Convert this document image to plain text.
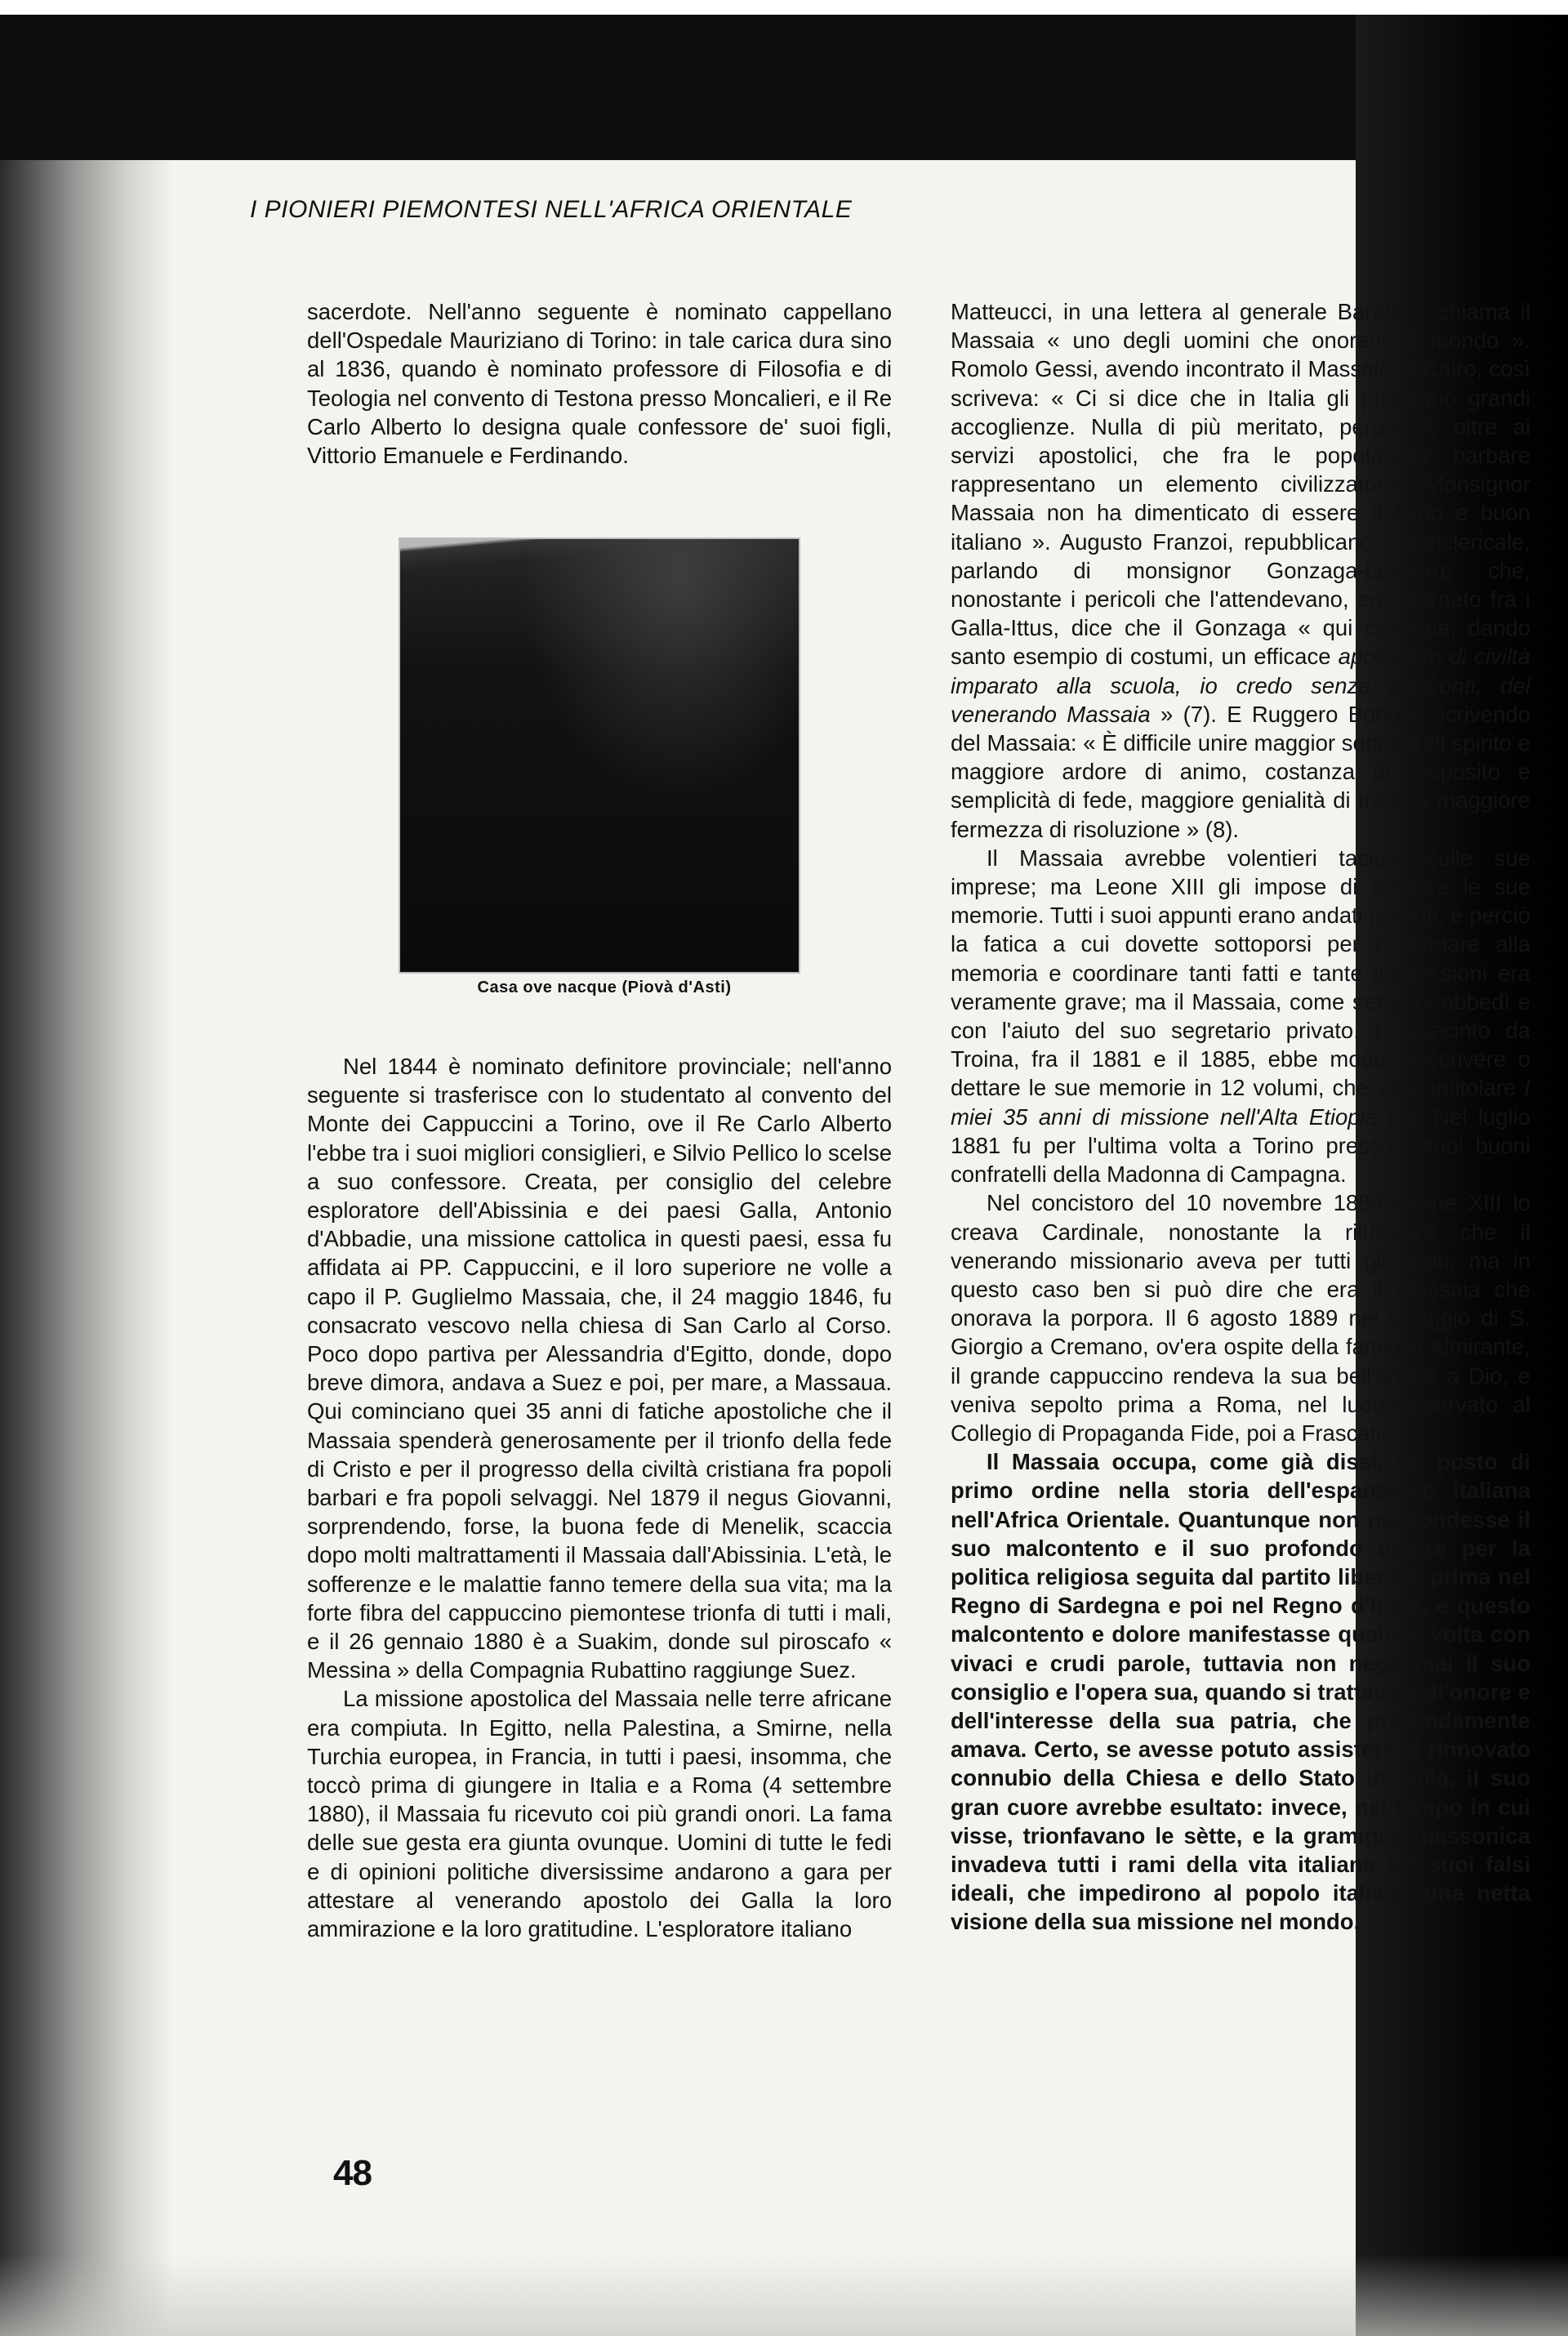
I PIONIERI PIEMONTESI NELL'AFRICA ORIENTALE

sacerdote. Nell'anno seguente è nominato cappellano dell'Ospedale Mauriziano di Torino: in tale carica dura sino al 1836, quando è nominato professore di Filosofia e di Teologia nel convento di Testona presso Moncalieri, e il Re Carlo Alberto lo designa quale confessore de' suoi figli, Vittorio Emanuele e Ferdinando.

Casa ove nacque (Piovà d'Asti)

Nel 1844 è nominato definitore provinciale; nell'anno seguente si trasferisce con lo studentato al convento del Monte dei Cappuccini a Torino, ove il Re Carlo Alberto l'ebbe tra i suoi migliori consiglieri, e Silvio Pellico lo scelse a suo confessore. Creata, per consiglio del celebre esploratore dell'Abissinia e dei paesi Galla, Antonio d'Abbadie, una missione cattolica in questi paesi, essa fu affidata ai PP. Cappuccini, e il loro superiore ne volle a capo il P. Guglielmo Massaia, che, il 24 maggio 1846, fu consacrato vescovo nella chiesa di San Carlo al Corso. Poco dopo partiva per Alessandria d'Egitto, donde, dopo breve dimora, andava a Suez e poi, per mare, a Massaua. Qui cominciano quei 35 anni di fatiche apostoliche che il Massaia spenderà generosamente per il trionfo della fede di Cristo e per il progresso della civiltà cristiana fra popoli barbari e fra popoli selvaggi. Nel 1879 il negus Giovanni, sorprendendo, forse, la buona fede di Menelik, scaccia dopo molti maltrattamenti il Massaia dall'Abissinia. L'età, le sofferenze e le malattie fanno temere della sua vita; ma la forte fibra del cappuccino piemontese trionfa di tutti i mali, e il 26 gennaio 1880 è a Suakim, donde sul piroscafo « Messina » della Compagnia Rubattino raggiunge Suez.

La missione apostolica del Massaia nelle terre africane era compiuta. In Egitto, nella Palestina, a Smirne, nella Turchia europea, in Francia, in tutti i paesi, insomma, che toccò prima di giungere in Italia e a Roma (4 settembre 1880), il Massaia fu ricevuto coi più grandi onori. La fama delle sue gesta era giunta ovunque. Uomini di tutte le fedi e di opinioni politiche diversissime andarono a gara per attestare al venerando apostolo dei Galla la loro ammirazione e la loro gratitudine. L'esploratore italiano

Matteucci, in una lettera al generale Baratieri, chiama il Massaia « uno degli uomini che onorano il mondo ». Romolo Gessi, avendo incontrato il Massaia al Cairo, così scriveva: « Ci si dice che in Italia gli preparino grandi accoglienze. Nulla di più meritato, perocchè, oltre ai servizi apostolici, che fra le popolazioni barbare rappresentano un elemento civilizzatore, Monsignor Massaia non ha dimenticato di essere italiano e buon italiano ». Augusto Franzoi, repubblicano e anticlericale, parlando di monsignor Gonzaga-Lasserre che, nonostante i pericoli che l'attendevano, era ritornato fra i Galla-Ittus, dice che il Gonzaga « qui continua, dando santo esempio di costumi, un efficace apostolato di civiltà imparato alla scuola, io credo senza confronti, del venerando Massaia » (7). E Ruggero Bonghi, scrivendo del Massaia: « È difficile unire maggior sobrietà di spirito e maggiore ardore di animo, costanza di proposito e semplicità di fede, maggiore genialità di tratto e maggiore fermezza di risoluzione » (8).

Il Massaia avrebbe volentieri taciuto sulle sue imprese; ma Leone XIII gli impose di scrivere le sue memorie. Tutti i suoi appunti erano andati perduti, e perciò la fatica a cui dovette sottoporsi per richiamare alla memoria e coordinare tanti fatti e tante impressioni era veramente grave; ma il Massaia, come sempre, obbedì e con l'aiuto del suo segretario privato, P. Giacinto da Troina, fra il 1881 e il 1885, ebbe modo di scrivere o dettare le sue memorie in 12 volumi, che volle intitolare I miei 35 anni di missione nell'Alta Etiopia (9). Nel luglio 1881 fu per l'ultima volta a Torino presso i suoi buoni confratelli della Madonna di Campagna.

Nel concistoro del 10 novembre 1884 Leone XIII lo creava Cardinale, nonostante la riluttanza che il venerando missionario aveva per tutti gli onori; ma in questo caso ben si può dire che era il Massaia che onorava la porpora. Il 6 agosto 1889 nel villaggio di S. Giorgio a Cremano, ov'era ospite della famiglia Almirante, il grande cappuccino rendeva la sua bell'anima a Dio, e veniva sepolto prima a Roma, nel luogo riservato al Collegio di Propaganda Fide, poi a Frascati.

Il Massaia occupa, come già dissi, un posto di primo ordine nella storia dell'espansione italiana nell'Africa Orientale. Quantunque non nascondesse il suo malcontento e il suo profondo dolore per la politica religiosa seguita dal partito liberale, prima nel Regno di Sardegna e poi nel Regno d'Italia, e questo malcontento e dolore manifestasse qualche volta con vivaci e crudi parole, tuttavia non negò mai il suo consiglio e l'opera sua, quando si trattava dell'onore e dell'interesse della sua patria, che profondamente amava. Certo, se avesse potuto assistere al rinnovato connubio della Chiesa e dello Stato in Italia, il suo gran cuore avrebbe esultato: invece, nel tempo in cui visse, trionfavano le sètte, e la gramigna massonica invadeva tutti i rami della vita italiana co' suoi falsi ideali, che impedirono al popolo italiano una netta visione della sua missione nel mondo.

48
